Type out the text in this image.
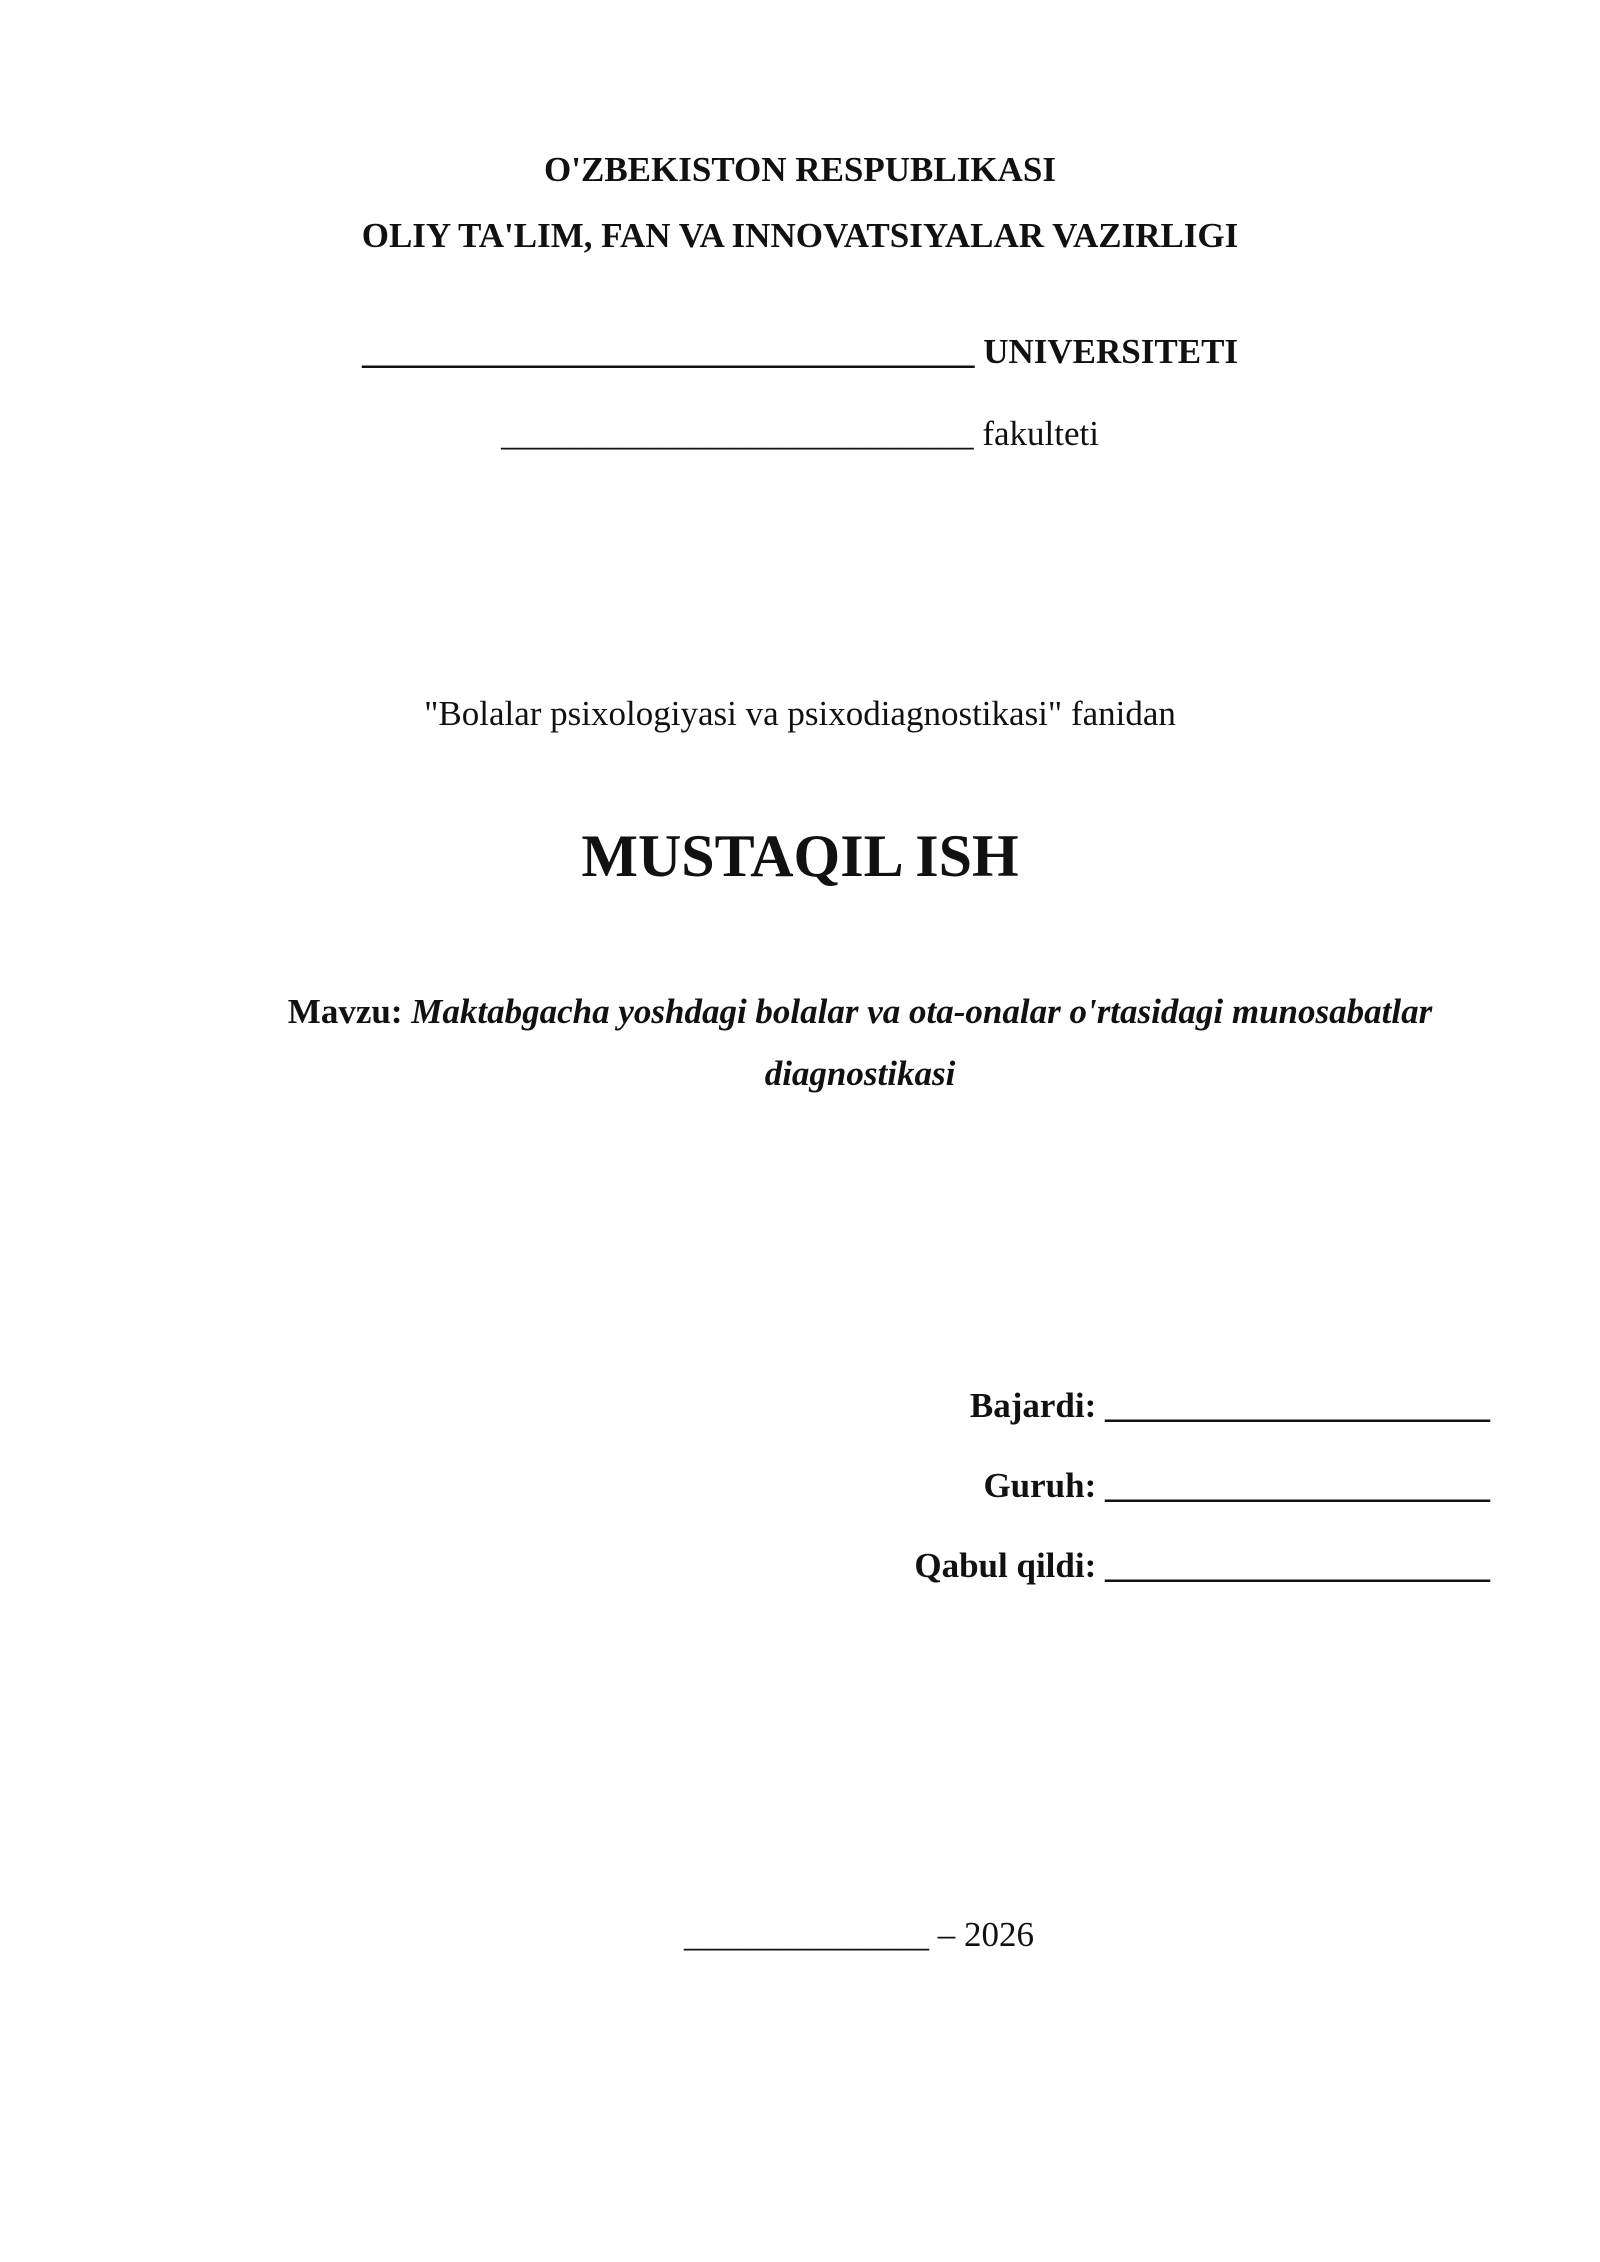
O'ZBEKISTON RESPUBLIKASI
OLIY TA'LIM, FAN VA INNOVATSIYALAR VAZIRLIGI
___________________________________ UNIVERSITETI
___________________________ fakulteti
"Bolalar psixologiyasi va psixodiagnostikasi" fanidan
MUSTAQIL ISH
Mavzu: Maktabgacha yoshdagi bolalar va ota-onalar o'rtasidagi munosabatlar diagnostikasi
Bajardi: ______________________
Guruh: ______________________
Qabul qildi: ______________________
______________ – 2026
